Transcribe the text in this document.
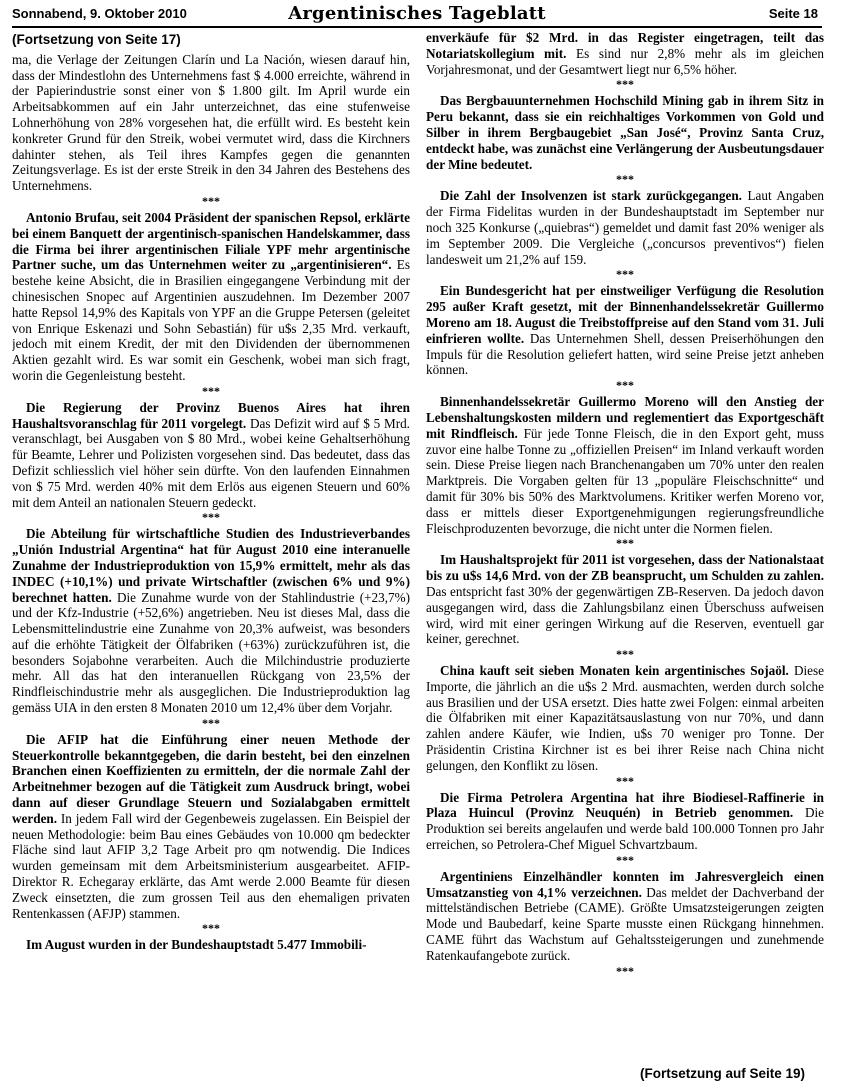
Sonnabend, 9. Oktober 2010	Argentinisches Tageblatt	Seite 18
(Fortsetzung von Seite 17)

ma, die Verlage der Zeitungen Clarín und La Nación, wiesen darauf hin, dass der Mindestlohn des Unternehmens fast $ 4.000 erreichte, während in der Papierindustrie sonst einer von $ 1.800 gilt. Im April wurde ein Arbeitsabkommen auf ein Jahr unterzeichnet, das eine stufenweise Lohnerhöhung von 28% vorgesehen hat, die erfüllt wird. Es besteht kein konkreter Grund für den Streik, wobei vermutet wird, dass die Kirchners dahinter stehen, als Teil ihres Kampfes gegen die genannten Zeitungsverlage. Es ist der erste Streik in den 34 Jahren des Bestehens des Unternehmens.

***

Antonio Brufau, seit 2004 Präsident der spanischen Repsol, erklärte bei einem Banquett der argentinisch-spanischen Handelskammer, dass die Firma bei ihrer argentinischen Filiale YPF mehr argentinische Partner suche, um das Unternehmen weiter zu „argentinisieren“. Es bestehe keine Absicht, die in Brasilien eingegangene Verbindung mit der chinesischen Snopec auf Argentinien auszudehnen. Im Dezember 2007 hatte Repsol 14,9% des Kapitals von YPF an die Gruppe Petersen (geleitet von Enrique Eskenazi und Sohn Sebastián) für u$s 2,35 Mrd. verkauft, jedoch mit einem Kredit, der mit den Dividenden der übernommenen Aktien gezahlt wird. Es war somit ein Geschenk, wobei man sich fragt, worin die Gegenleistung besteht.

***

Die Regierung der Provinz Buenos Aires hat ihren Haushaltsvoranschlag für 2011 vorgelegt. Das Defizit wird auf $ 5 Mrd. veranschlagt, bei Ausgaben von $ 80 Mrd., wobei keine Gehaltserhöhung für Beamte, Lehrer und Polizisten vorgesehen sind. Das bedeutet, dass das Defizit schliesslich viel höher sein dürfte. Von den laufenden Einnahmen von $ 75 Mrd. werden 40% mit dem Erlös aus eigenen Steuern und 60% mit dem Anteil an nationalen Steuern gedeckt.

***

Die Abteilung für wirtschaftliche Studien des Industrieverbandes „Unión Industrial Argentina“ hat für August 2010 eine interanuelle Zunahme der Industrieproduktion von 15,9% ermittelt, mehr als das INDEC (+10,1%) und private Wirtschaftler (zwischen 6% und 9%) berechnet hatten. Die Zunahme wurde von der Stahlindustrie (+23,7%) und der Kfz-Industrie (+52,6%) angetrieben. Neu ist dieses Mal, dass die Lebensmittelindustrie eine Zunahme von 20,3% aufweist, was besonders auf die erhöhte Tätigkeit der Ölfabriken (+63%) zurückzuführen ist, die besonders Sojabohne verarbeiten. Auch die Milchindustrie produzierte mehr. All das hat den interanuellen Rückgang von 23,5% der Rindfleischindustrie mehr als ausgeglichen. Die Industrieproduktion lag gemäss UIA in den ersten 8 Monaten 2010 um 12,4% über dem Vorjahr.

***

Die AFIP hat die Einführung einer neuen Methode der Steuerkontrolle bekanntgegeben, die darin besteht, bei den einzelnen Branchen einen Koeffizienten zu ermitteln, der die normale Zahl der Arbeitnehmer bezogen auf die Tätigkeit zum Ausdruck bringt, wobei dann auf dieser Grundlage Steuern und Sozialabgaben ermittelt werden. In jedem Fall wird der Gegenbeweis zugelassen. Ein Beispiel der neuen Methodologie: beim Bau eines Gebäudes von 10.000 qm bedeckter Fläche sind laut AFIP 3,2 Tage Arbeit pro qm notwendig. Die Indices wurden gemeinsam mit dem Arbeitsministerium ausgearbeitet. AFIP-Direktor R. Echegaray erklärte, das Amt werde 2.000 Beamte für diesen Zweck einsetzten, die zum grossen Teil aus den ehemaligen privaten Rentenkassen (AFJP) stammen.

***

Im August wurden in der Bundeshauptstadt 5.477 Immobili-

enverkäufe für $2 Mrd. in das Register eingetragen, teilt das Notariatskollegium mit. Es sind nur 2,8% mehr als im gleichen Vorjahresmonat, und der Gesamtwert liegt nur 6,5% höher.

***

Das Bergbauunternehmen Hochschild Mining gab in ihrem Sitz in Peru bekannt, dass sie ein reichhaltiges Vorkommen von Gold und Silber in ihrem Bergbaugebiet „San José“, Provinz Santa Cruz, entdeckt habe, was zunächst eine Verlängerung der Ausbeutungsdauer der Mine bedeutet.

***

Die Zahl der Insolvenzen ist stark zurückgegangen. Laut Angaben der Firma Fidelitas wurden in der Bundeshauptstadt im September nur noch 325 Konkurse („quiebras“) gemeldet und damit fast 20% weniger als im September 2009. Die Vergleiche („concursos preventivos“) fielen landesweit um 21,2% auf 159.

***

Ein Bundesgericht hat per einstweiliger Verfügung die Resolution 295 außer Kraft gesetzt, mit der Binnenhandelssekretär Guillermo Moreno am 18. August die Treibstoffpreise auf den Stand vom 31. Juli einfrieren wollte. Das Unternehmen Shell, dessen Preiserhöhungen den Impuls für die Resolution geliefert hatten, wird seine Preise jetzt anheben können.

***

Binnenhandelssekretär Guillermo Moreno will den Anstieg der Lebenshaltungskosten mildern und reglementiert das Exportgeschäft mit Rindfleisch. Für jede Tonne Fleisch, die in den Export geht, muss zuvor eine halbe Tonne zu „offiziellen Preisen“ im Inland verkauft worden sein. Diese Preise liegen nach Branchenangaben um 70% unter den realen Marktpreis. Die Vorgaben gelten für 13 „populäre Fleischschnitte“ und damit für 30% bis 50% des Marktvolumens. Kritiker werfen Moreno vor, dass er mittels dieser Exportgenehmigungen regierungsfreundliche Fleischproduzenten bevorzuge, die nicht unter die Normen fielen.

***

Im Haushaltsprojekt für 2011 ist vorgesehen, dass der Nationalstaat bis zu u$s 14,6 Mrd. von der ZB beansprucht, um Schulden zu zahlen. Das entspricht fast 30% der gegenwärtigen ZB-Reserven. Da jedoch davon ausgegangen wird, dass die Zahlungsbilanz einen Überschuss aufweisen wird, wird mit einer geringen Wirkung auf die Reserven, eventuell gar keiner, gerechnet.

***

China kauft seit sieben Monaten kein argentinisches Sojaöl. Diese Importe, die jährlich an die u$s 2 Mrd. ausmachten, werden durch solche aus Brasilien und der USA ersetzt. Dies hatte zwei Folgen: einmal arbeiten die Ölfabriken mit einer Kapazitätsauslastung von nur 70%, und dann zahlen andere Käufer, wie Indien, u$s 70 weniger pro Tonne. Der Präsidentin Cristina Kirchner ist es bei ihrer Reise nach China nicht gelungen, den Konflikt zu lösen.

***

Die Firma Petrolera Argentina hat ihre Biodiesel-Raffinerie in Plaza Huincul (Provinz Neuquén) in Betrieb genommen. Die Produktion sei bereits angelaufen und werde bald 100.000 Tonnen pro Jahr erreichen, so Petrolera-Chef Miguel Schvartzbaum.

***

Argentiniens Einzelhändler konnten im Jahresvergleich einen Umsatzanstieg von 4,1% verzeichnen. Das meldet der Dachverband der mittelständischen Betriebe (CAME). Größte Umsatzsteigerungen zeigten Mode und Baubedarf, keine Sparte musste einen Rückgang hinnehmen. CAME führt das Wachstum auf Gehaltssteigerungen und zunehmende Ratenkaufangebote zurück.

***
(Fortsetzung auf Seite 19)
